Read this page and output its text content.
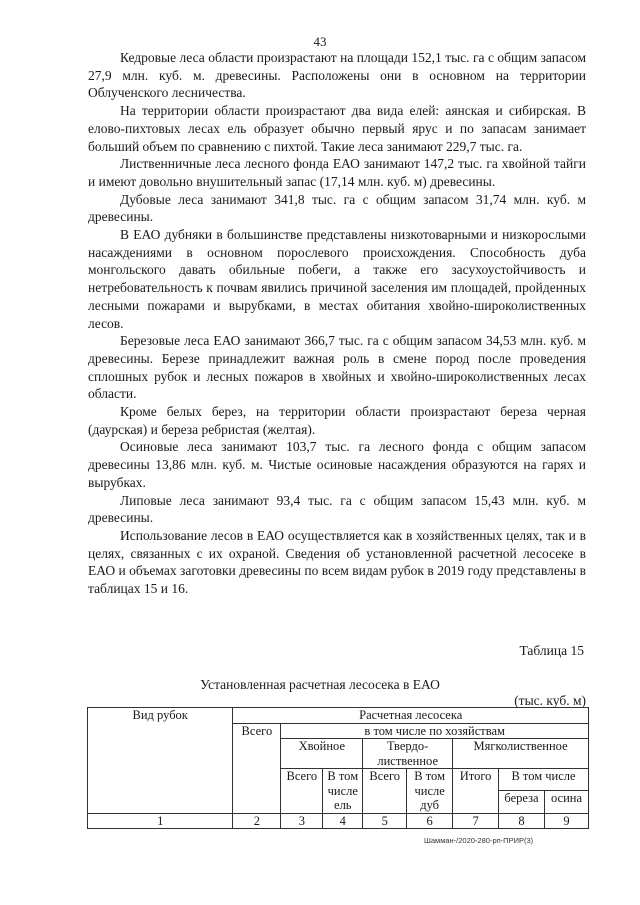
43

Кедровые леса области произрастают на площади 152,1 тыс. га с общим запасом 27,9 млн. куб. м. древесины. Расположены они в основном на территории Облученского лесничества.

На территории области произрастают два вида елей: аянская и сибирская. В елово-пихтовых лесах ель образует обычно первый ярус и по запасам занимает больший объем по сравнению с пихтой. Такие леса занимают 229,7 тыс. га.

Лиственничные леса лесного фонда ЕАО занимают 147,2 тыс. га хвойной тайги и имеют довольно внушительный запас (17,14 млн. куб. м) древесины.

Дубовые леса занимают 341,8 тыс. га с общим запасом 31,74 млн. куб. м древесины.

В ЕАО дубняки в большинстве представлены низкотоварными и низкорослыми насаждениями в основном порослевого происхождения. Способность дуба монгольского давать обильные побеги, а также его засухоустойчивость и нетребовательность к почвам явились причиной заселения им площадей, пройденных лесными пожарами и вырубками, в местах обитания хвойно-широколиственных лесов.

Березовые леса ЕАО занимают 366,7 тыс. га с общим запасом 34,53 млн. куб. м древесины. Березе принадлежит важная роль в смене пород после проведения сплошных рубок и лесных пожаров в хвойных и хвойно-широколиственных лесах области.

Кроме белых берез, на территории области произрастают береза черная (даурская) и береза ребристая (желтая).

Осиновые леса занимают 103,7 тыс. га лесного фонда с общим запасом древесины 13,86 млн. куб. м. Чистые осиновые насаждения образуются на гарях и вырубках.

Липовые леса занимают 93,4 тыс. га с общим запасом 15,43 млн. куб. м древесины.

Использование лесов в ЕАО осуществляется как в хозяйственных целях, так и в целях, связанных с их охраной. Сведения об установленной расчетной лесосеке в ЕАО и объемах заготовки древесины по всем видам рубок в 2019 году представлены в таблицах 15 и 16.

Таблица 15
Установленная расчетная лесосека в ЕАО
(тыс. куб. м)
Вид рубок	Расчетная лесосека							
	Всего	в том числе по хозяйствам						
		Хвойное		Твердо-лиственное		Мягколиственное		
		Всего	В том числе ель	Всего	В том числе дуб	Итого	В том числе	
							береза	осина
1	2	3	4	5	6	7	8	9
Шамман-/2020-280-рп-ПРИР(3)
